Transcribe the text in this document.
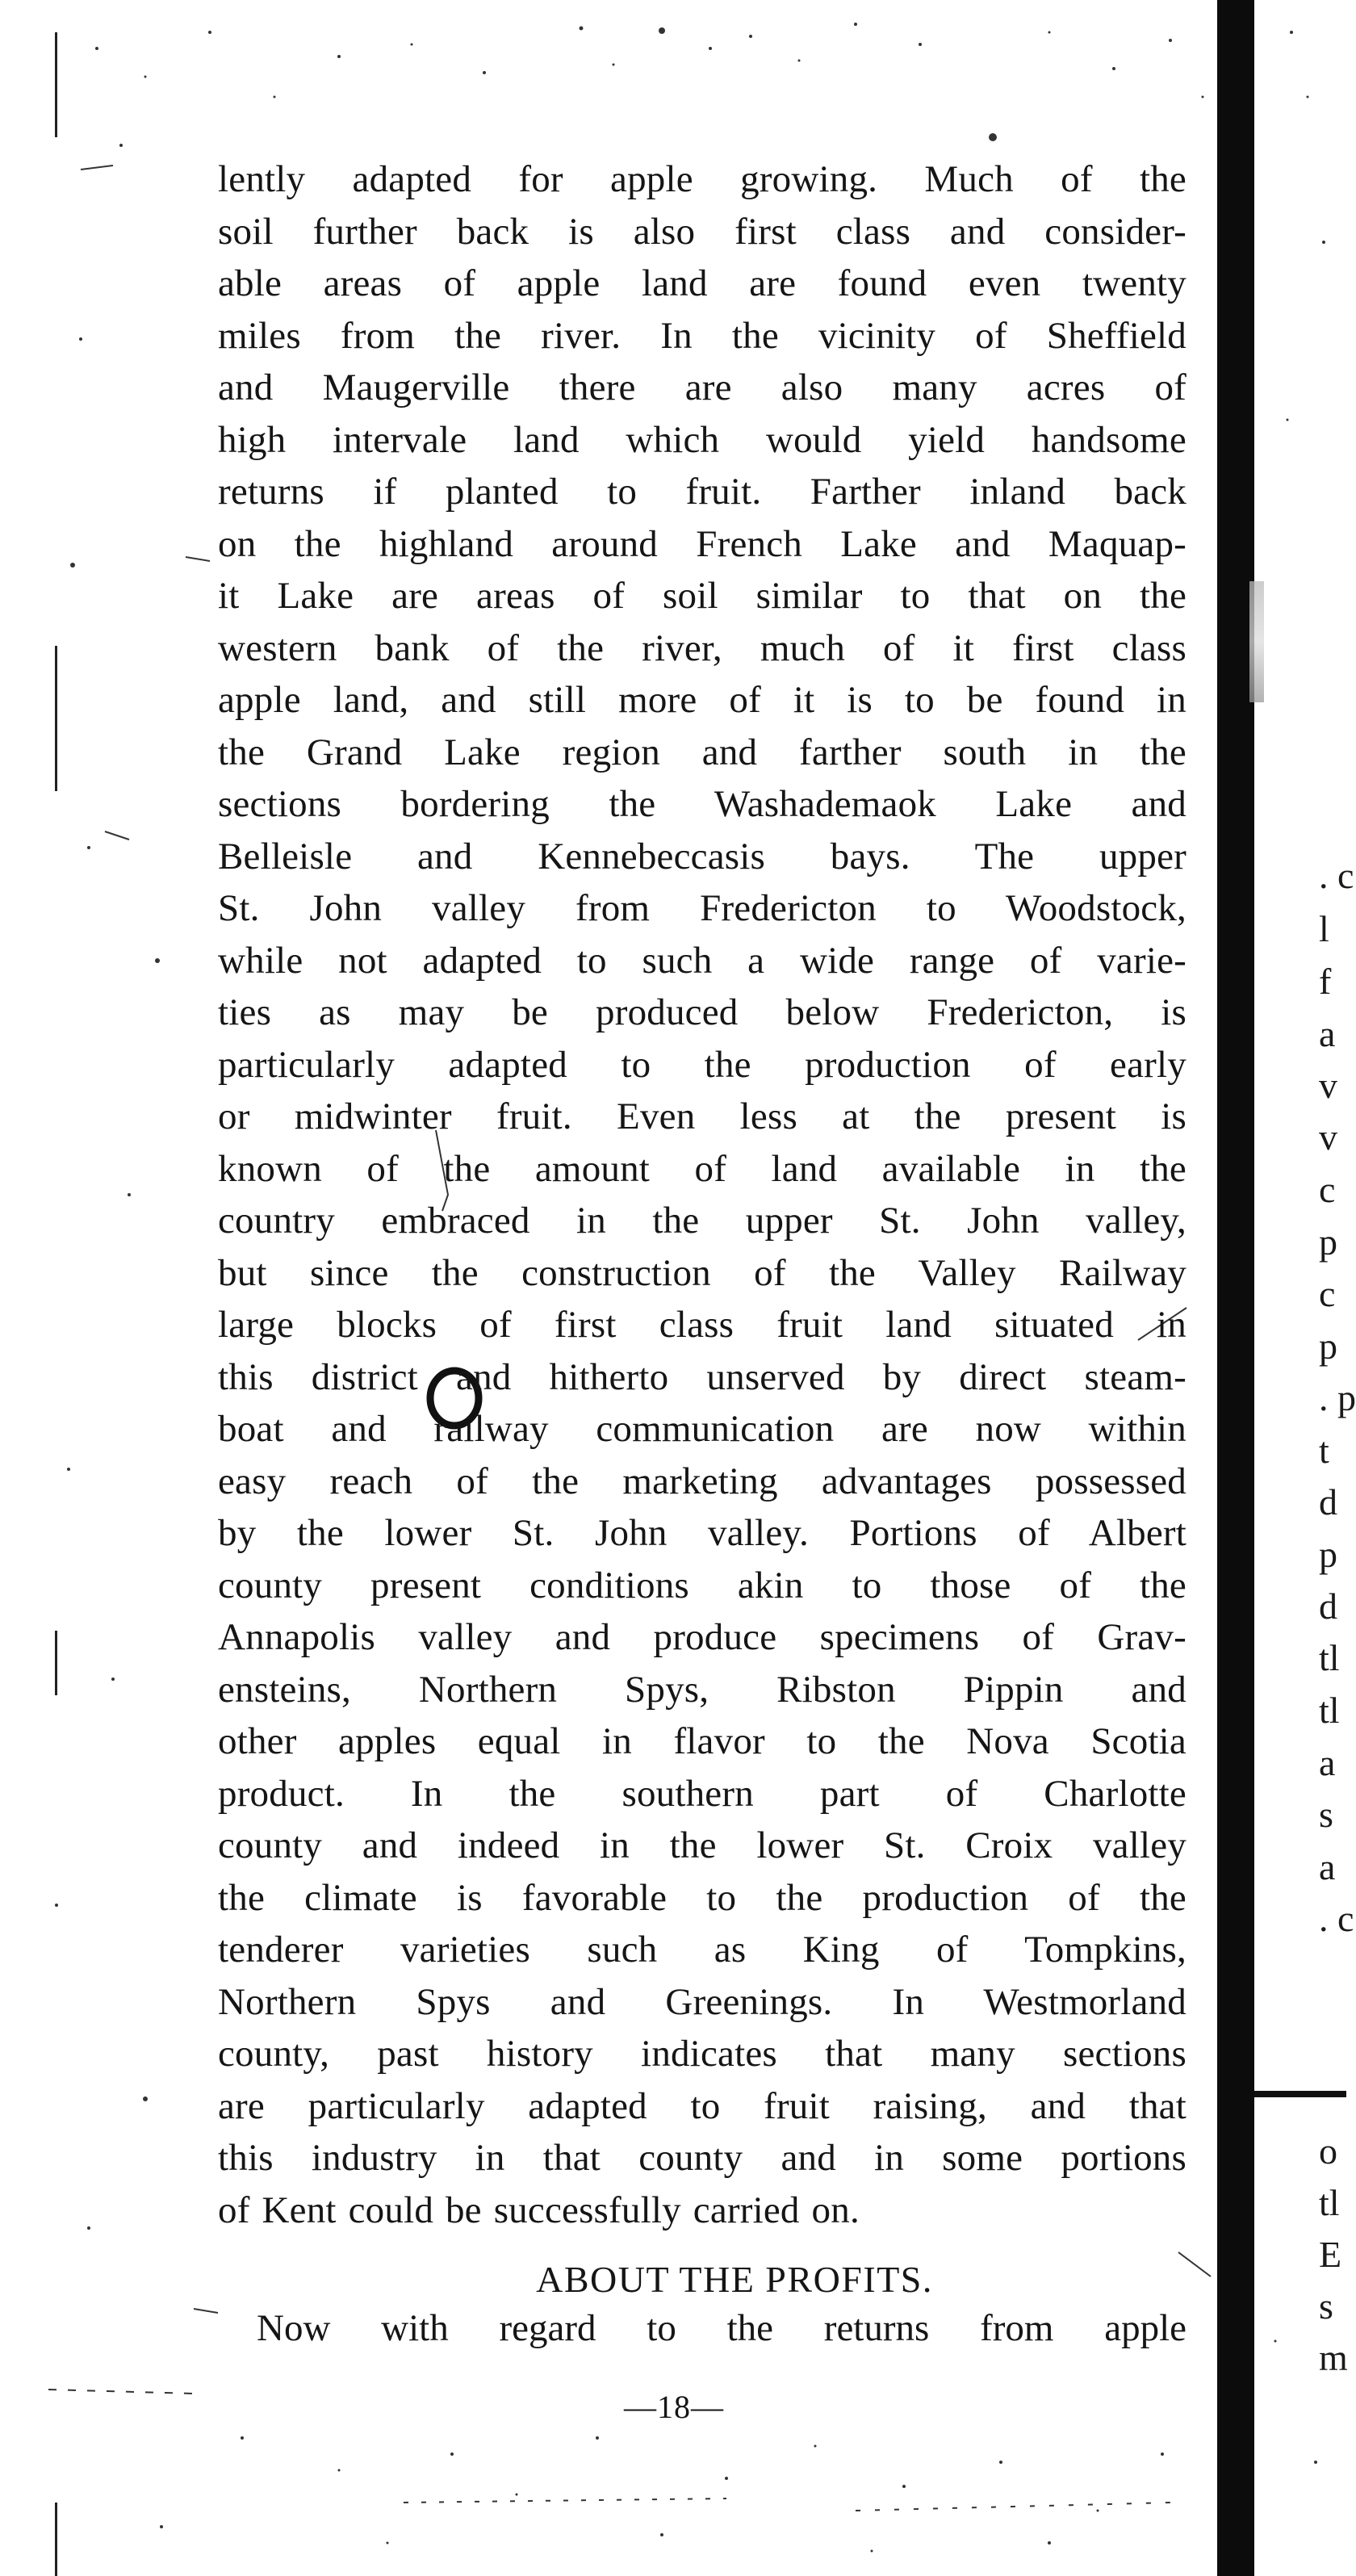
lently adapted for apple growing. Much of the
soil further back is also first class and consider-
able areas of apple land are found even twenty
miles from the river. In the vicinity of Sheffield
and Maugerville there are also many acres of
high intervale land which would yield handsome
returns if planted to fruit. Farther inland back
on the highland around French Lake and Maquap-
it Lake are areas of soil similar to that on the
western bank of the river, much of it first class
apple land, and still more of it is to be found in
the Grand Lake region and farther south in the
sections bordering the Washademaok Lake and
Belleisle and Kennebeccasis bays. The upper
St. John valley from Fredericton to Woodstock,
while not adapted to such a wide range of varie-
ties as may be produced below Fredericton, is
particularly adapted to the production of early
or midwinter fruit. Even less at the present is
known of the amount of land available in the
country embraced in the upper St. John valley,
but since the construction of the Valley Railway
large blocks of first class fruit land situated in
this district and hitherto unserved by direct steam-
boat and railway communication are now within
easy reach of the marketing advantages possessed
by the lower St. John valley. Portions of Albert
county present conditions akin to those of the
Annapolis valley and produce specimens of Grav-
ensteins, Northern Spys, Ribston Pippin and
other apples equal in flavor to the Nova Scotia
product. In the southern part of Charlotte
county and indeed in the lower St. Croix valley
the climate is favorable to the production of the
tenderer varieties such as King of Tompkins,
Northern Spys and Greenings. In Westmorland
county, past history indicates that many sections
are particularly adapted to fruit raising, and that
this industry in that county and in some portions
of Kent could be successfully carried on.
ABOUT THE PROFITS.
Now with regard to the returns from apple
—18—
. c
l
f
a
v
v
c
p
c
p
. p
t
d
p
d
tl
tl
a
s
a
. c
o
tl
E
s
m
